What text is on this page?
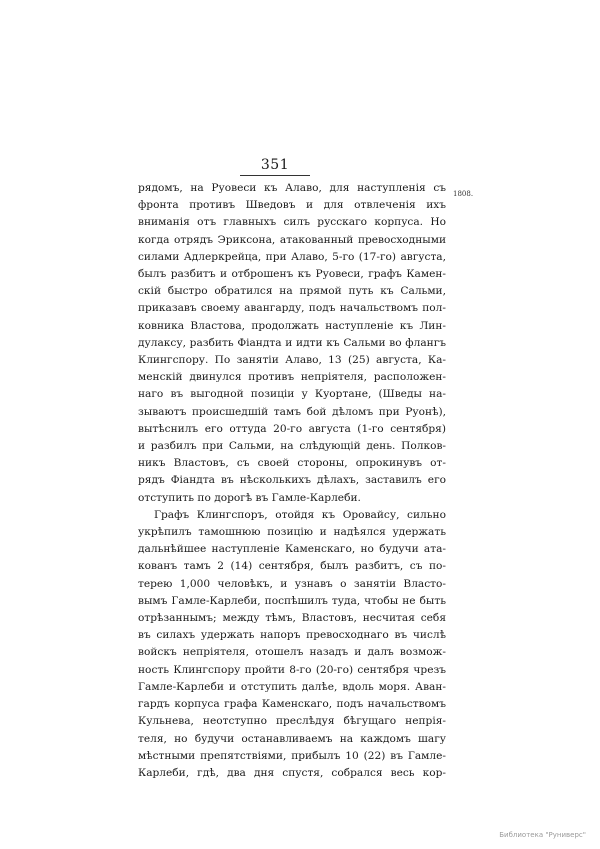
351
1808.
рядомъ, на Руовеси къ Алаво, для наступленія съ
фронта противъ Шведовъ и для отвлеченія ихъ
вниманія отъ главныхъ силъ русскаго корпуса. Но
когда отрядъ Эриксона, атакованный превосходными
силами Адлеркрейца, при Алаво, 5-го (17-го) августа,
былъ разбитъ и отброшенъ къ Руовеси, графъ Камен-
скій быстро обратился на прямой путь къ Сальми,
приказавъ своему авангарду, подъ начальствомъ пол-
ковника Властова, продолжать наступленіе къ Лин-
дулаксу, разбить Фіандта и идти къ Сальми во флангъ
Клингспору. По занятіи Алаво, 13 (25) августа, Ка-
менскій двинулся противъ непріятеля, расположен-
наго въ выгодной позиціи у Куортане, (Шведы на-
зываютъ происшедшій тамъ бой дѣломъ при Руонѣ),
вытѣснилъ его оттуда 20-го августа (1-го сентября)
и разбилъ при Сальми, на слѣдующій день. Полков-
никъ Властовъ, съ своей стороны, опрокинувъ от-
рядъ Фіандта въ нѣсколькихъ дѣлахъ, заставилъ его
отступить по дорогѣ въ Гамле-Карлеби.
Графъ Клингспоръ, отойдя къ Оровайсу, сильно
укрѣпилъ тамошнюю позицію и надѣялся удержать
дальнѣйшее наступленіе Каменскаго, но будучи ата-
кованъ тамъ 2 (14) сентября, былъ разбитъ, съ по-
терею 1,000 человѣкъ, и узнавъ о занятіи Властo-
вымъ Гамле-Карлеби, поспѣшилъ туда, чтобы не быть
отрѣзаннымъ; между тѣмъ, Властовъ, несчитая себя
въ силахъ удержать напоръ превосходнаго въ числѣ
войскъ непріятеля, отошелъ назадъ и далъ возмож-
ность Клингспору пройти 8-го (20-го) сентября чрезъ
Гамле-Карлеби и отступить далѣе, вдоль моря. Аван-
гардъ корпуса графа Каменскаго, подъ начальствомъ
Кульнева, неотступно преслѣдуя бѣгущаго непрія-
теля, но будучи останавливаемъ на каждомъ шагу
мѣстными препятствіями, прибылъ 10 (22) въ Гамле-
Карлеби, гдѣ, два дня спустя, собрался весь кор-
Библиотека "Руниверс"
